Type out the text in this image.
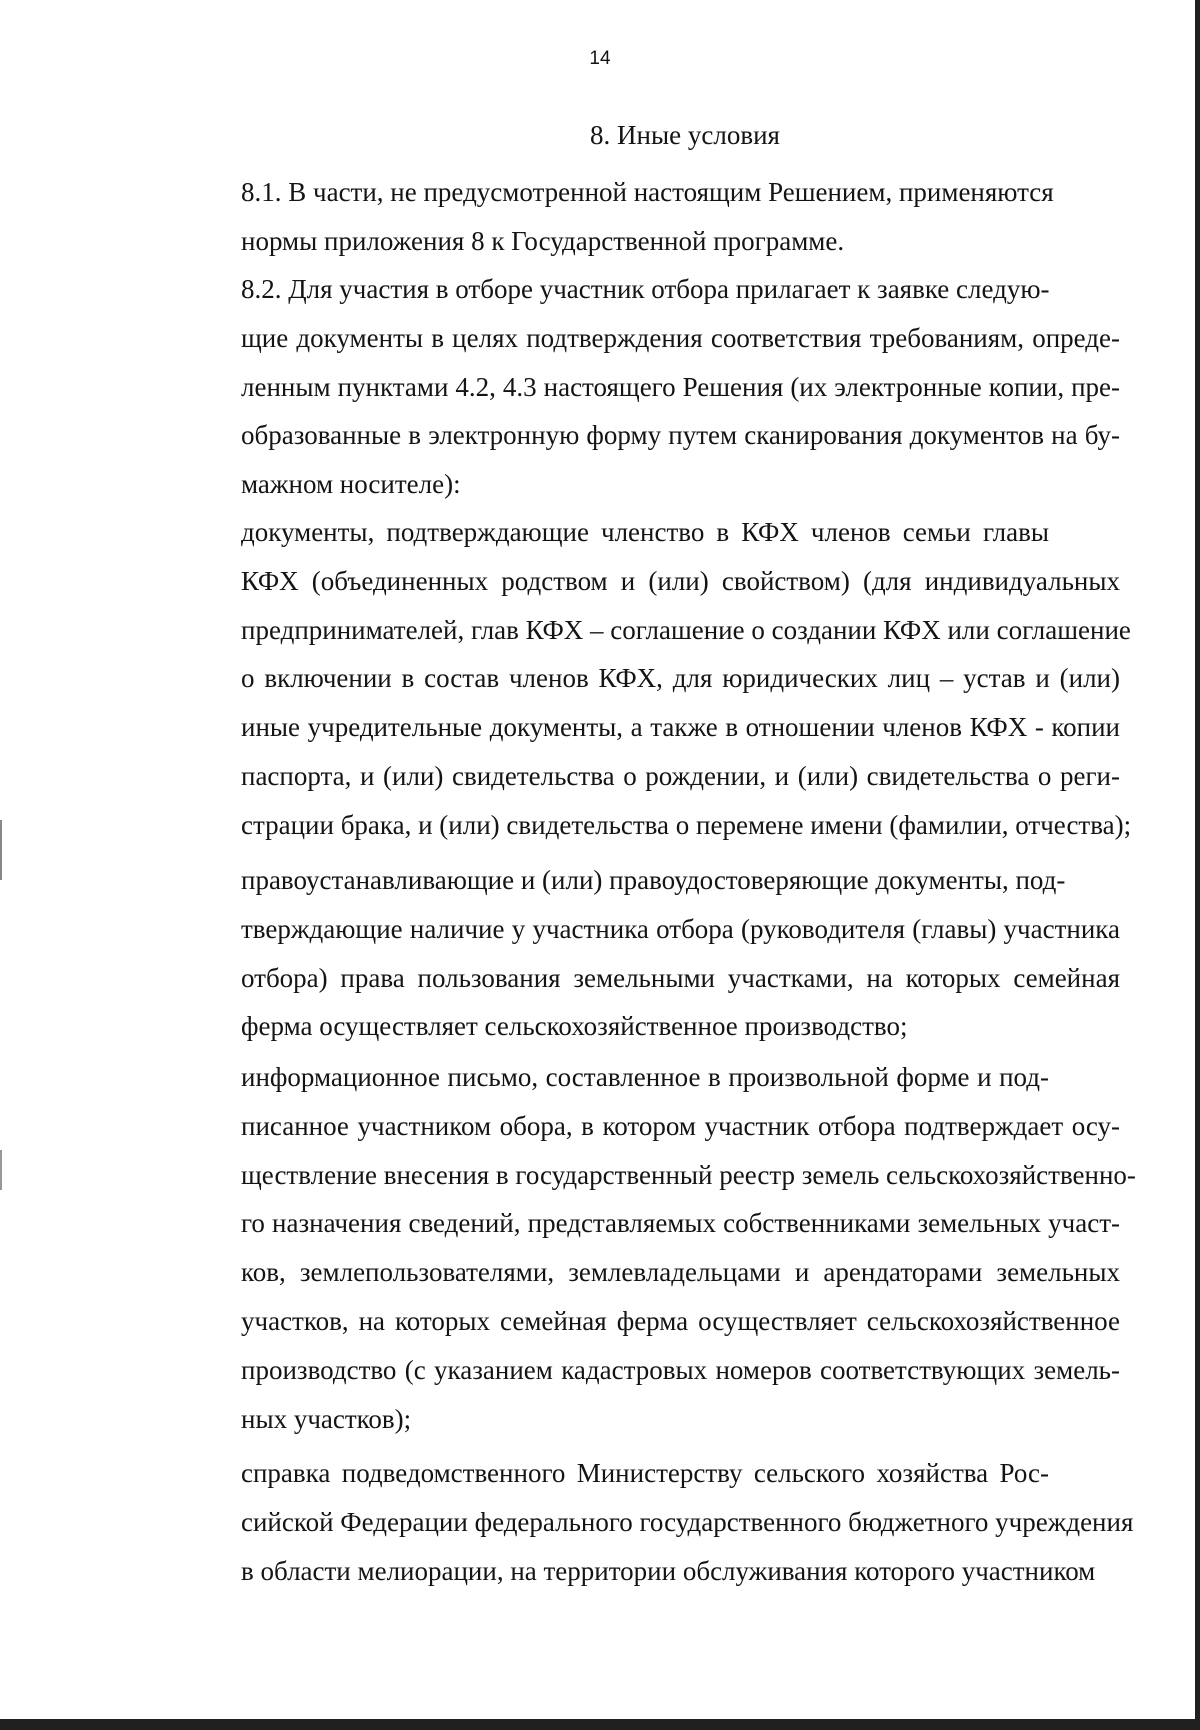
14
8. Иные условия

8.1. В части, не предусмотренной настоящим Решением, применяются
нормы приложения 8 к Государственной программе.

8.2. Для участия в отборе участник отбора прилагает к заявке следую-
щие документы в целях подтверждения соответствия требованиям, опреде-
ленным пунктами 4.2, 4.3 настоящего Решения (их электронные копии, пре-
образованные в электронную форму путем сканирования документов на бу-
мажном носителе):

документы, подтверждающие членство в КФХ членов семьи главы
КФХ (объединенных родством и (или) свойством) (для индивидуальных
предпринимателей, глав КФХ – соглашение о создании КФХ или соглашение
о включении в состав членов КФХ, для юридических лиц – устав и (или)
иные учредительные документы, а также в отношении членов КФХ - копии
паспорта, и (или) свидетельства о рождении, и (или) свидетельства о реги-
страции брака, и (или) свидетельства о перемене имени (фамилии, отчества);

правоустанавливающие и (или) правоудостоверяющие документы, под-
тверждающие наличие у участника отбора (руководителя (главы) участника
отбора) права пользования земельными участками, на которых семейная
ферма осуществляет сельскохозяйственное производство;

информационное письмо, составленное в произвольной форме и под-
писанное участником обора, в котором участник отбора подтверждает осу-
ществление внесения в государственный реестр земель сельскохозяйственно-
го назначения сведений, представляемых собственниками земельных участ-
ков, землепользователями, землевладельцами и арендаторами земельных
участков, на которых семейная ферма осуществляет сельскохозяйственное
производство (с указанием кадастровых номеров соответствующих земель-
ных участков);

справка подведомственного Министерству сельского хозяйства Рос-
сийской Федерации федерального государственного бюджетного учреждения
в области мелиорации, на территории обслуживания которого участником
